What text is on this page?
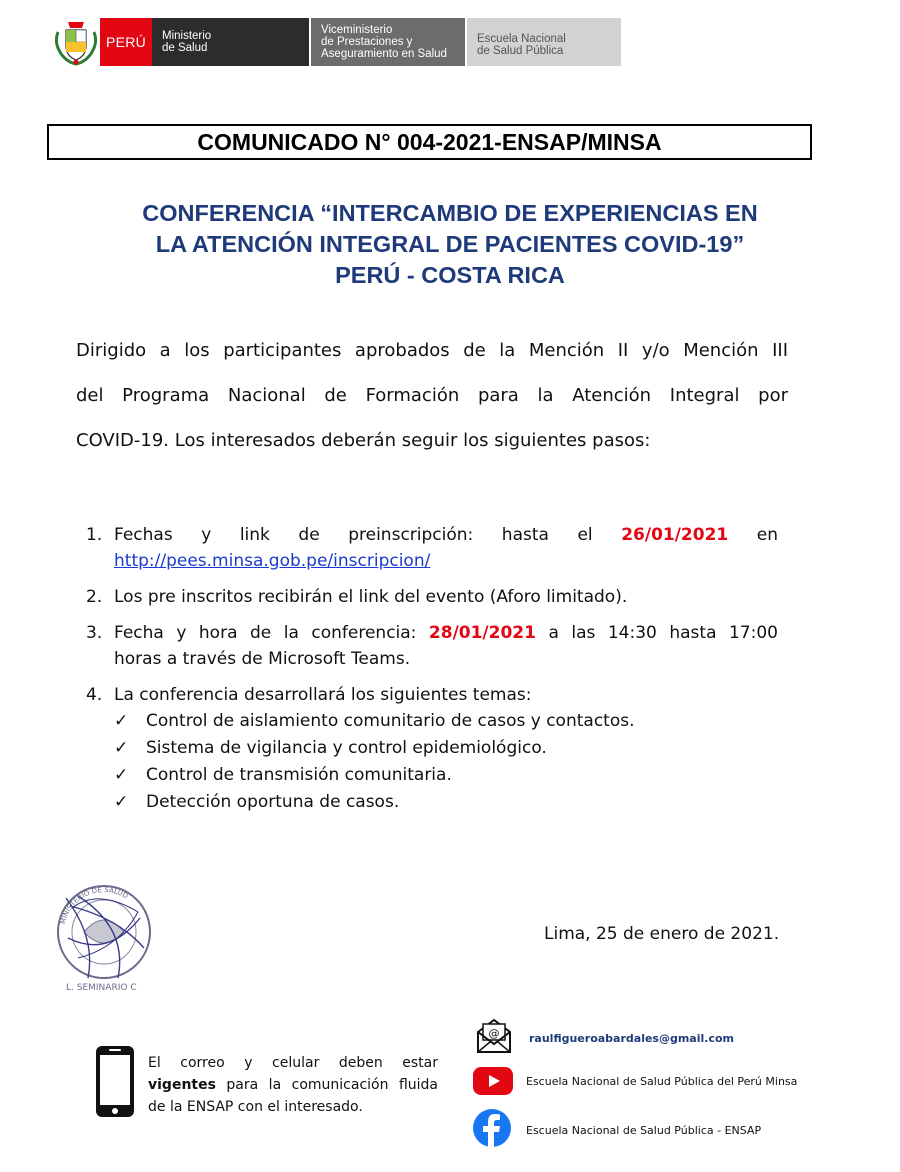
PERÚ Ministerio
de Salud
Viceministerio
de Prestaciones y
Aseguramiento en Salud
Escuela Nacional
de Salud Pública
COMUNICADO N° 004-2021-ENSAP/MINSA
CONFERENCIA “INTERCAMBIO DE EXPERIENCIAS EN
LA ATENCIÓN INTEGRAL DE PACIENTES COVID-19”
PERÚ - COSTA RICA
Dirigido a los participantes aprobados de la Mención II y/o Mención III
del Programa Nacional de Formación para la Atención Integral por
COVID-19. Los interesados deberán seguir los siguientes pasos:
1. Fechas y link de preinscripción: hasta el 26/01/2021 en
http://pees.minsa.gob.pe/inscripcion/
2. Los pre inscritos recibirán el link del evento (Aforo limitado).
3. Fecha y hora de la conferencia: 28/01/2021 a las 14:30 hasta 17:00
horas a través de Microsoft Teams.
4. La conferencia desarrollará los siguientes temas:
✓ Control de aislamiento comunitario de casos y contactos.
✓ Sistema de vigilancia y control epidemiológico.
✓ Control de transmisión comunitaria.
✓ Detección oportuna de casos.
L. SEMINARIO C
MINISTERIO DE SALUD
Lima, 25 de enero de 2021.
El correo y celular deben estar
vigentes para la comunicación fluida
de la ENSAP con el interesado.
@	raulfigueroabardales@gmail.com
Escuela Nacional de Salud Pública del Perú Minsa
Escuela Nacional de Salud Pública - ENSAP
